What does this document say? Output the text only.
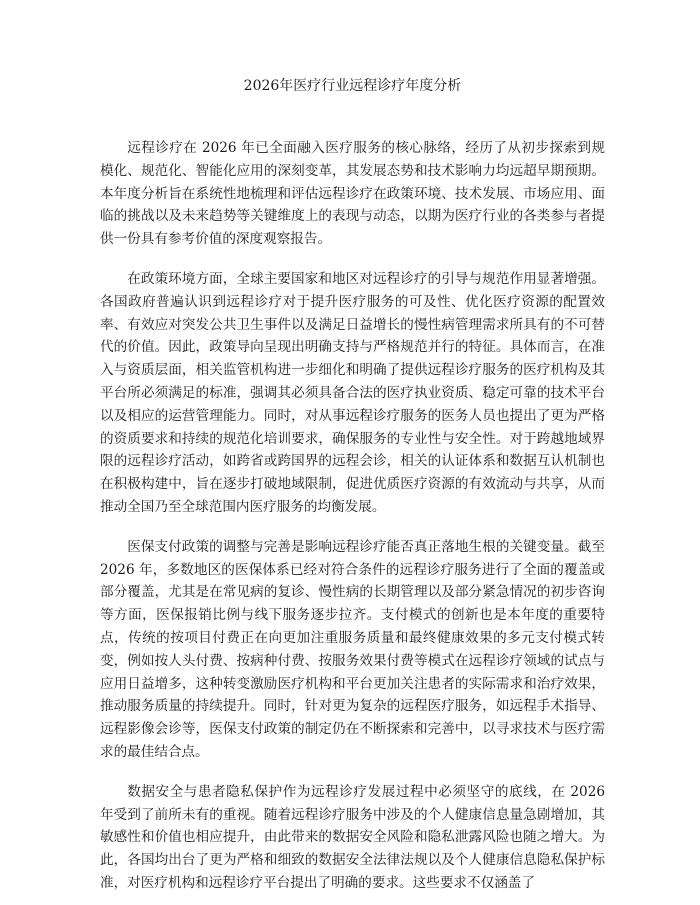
2026年医疗行业远程诊疗年度分析

远程诊疗在 2026 年已全面融入医疗服务的核心脉络，经历了从初步探索到规模化、规范化、智能化应用的深刻变革，其发展态势和技术影响力均远超早期预期。本年度分析旨在系统性地梳理和评估远程诊疗在政策环境、技术发展、市场应用、面临的挑战以及未来趋势等关键维度上的表现与动态，以期为医疗行业的各类参与者提供一份具有参考价值的深度观察报告。

在政策环境方面，全球主要国家和地区对远程诊疗的引导与规范作用显著增强。各国政府普遍认识到远程诊疗对于提升医疗服务的可及性、优化医疗资源的配置效率、有效应对突发公共卫生事件以及满足日益增长的慢性病管理需求所具有的不可替代的价值。因此，政策导向呈现出明确支持与严格规范并行的特征。具体而言，在准入与资质层面，相关监管机构进一步细化和明确了提供远程诊疗服务的医疗机构及其平台所必须满足的标准，强调其必须具备合法的医疗执业资质、稳定可靠的技术平台以及相应的运营管理能力。同时，对从事远程诊疗服务的医务人员也提出了更为严格的资质要求和持续的规范化培训要求，确保服务的专业性与安全性。对于跨越地域界限的远程诊疗活动，如跨省或跨国界的远程会诊，相关的认证体系和数据互认机制也在积极构建中，旨在逐步打破地域限制，促进优质医疗资源的有效流动与共享，从而推动全国乃至全球范围内医疗服务的均衡发展。

医保支付政策的调整与完善是影响远程诊疗能否真正落地生根的关键变量。截至 2026 年，多数地区的医保体系已经对符合条件的远程诊疗服务进行了全面的覆盖或部分覆盖，尤其是在常见病的复诊、慢性病的长期管理以及部分紧急情况的初步咨询等方面，医保报销比例与线下服务逐步拉齐。支付模式的创新也是本年度的重要特点，传统的按项目付费正在向更加注重服务质量和最终健康效果的多元支付模式转变，例如按人头付费、按病种付费、按服务效果付费等模式在远程诊疗领域的试点与应用日益增多，这种转变激励医疗机构和平台更加关注患者的实际需求和治疗效果，推动服务质量的持续提升。同时，针对更为复杂的远程医疗服务，如远程手术指导、远程影像会诊等，医保支付政策的制定仍在不断探索和完善中，以寻求技术与医疗需求的最佳结合点。

数据安全与患者隐私保护作为远程诊疗发展过程中必须坚守的底线，在 2026 年受到了前所未有的重视。随着远程诊疗服务中涉及的个人健康信息量急剧增加，其敏感性和价值也相应提升，由此带来的数据安全风险和隐私泄露风险也随之增大。为此，各国均出台了更为严格和细致的数据安全法律法规以及个人健康信息隐私保护标准，对医疗机构和远程诊疗平台提出了明确的要求。这些要求不仅涵盖了
